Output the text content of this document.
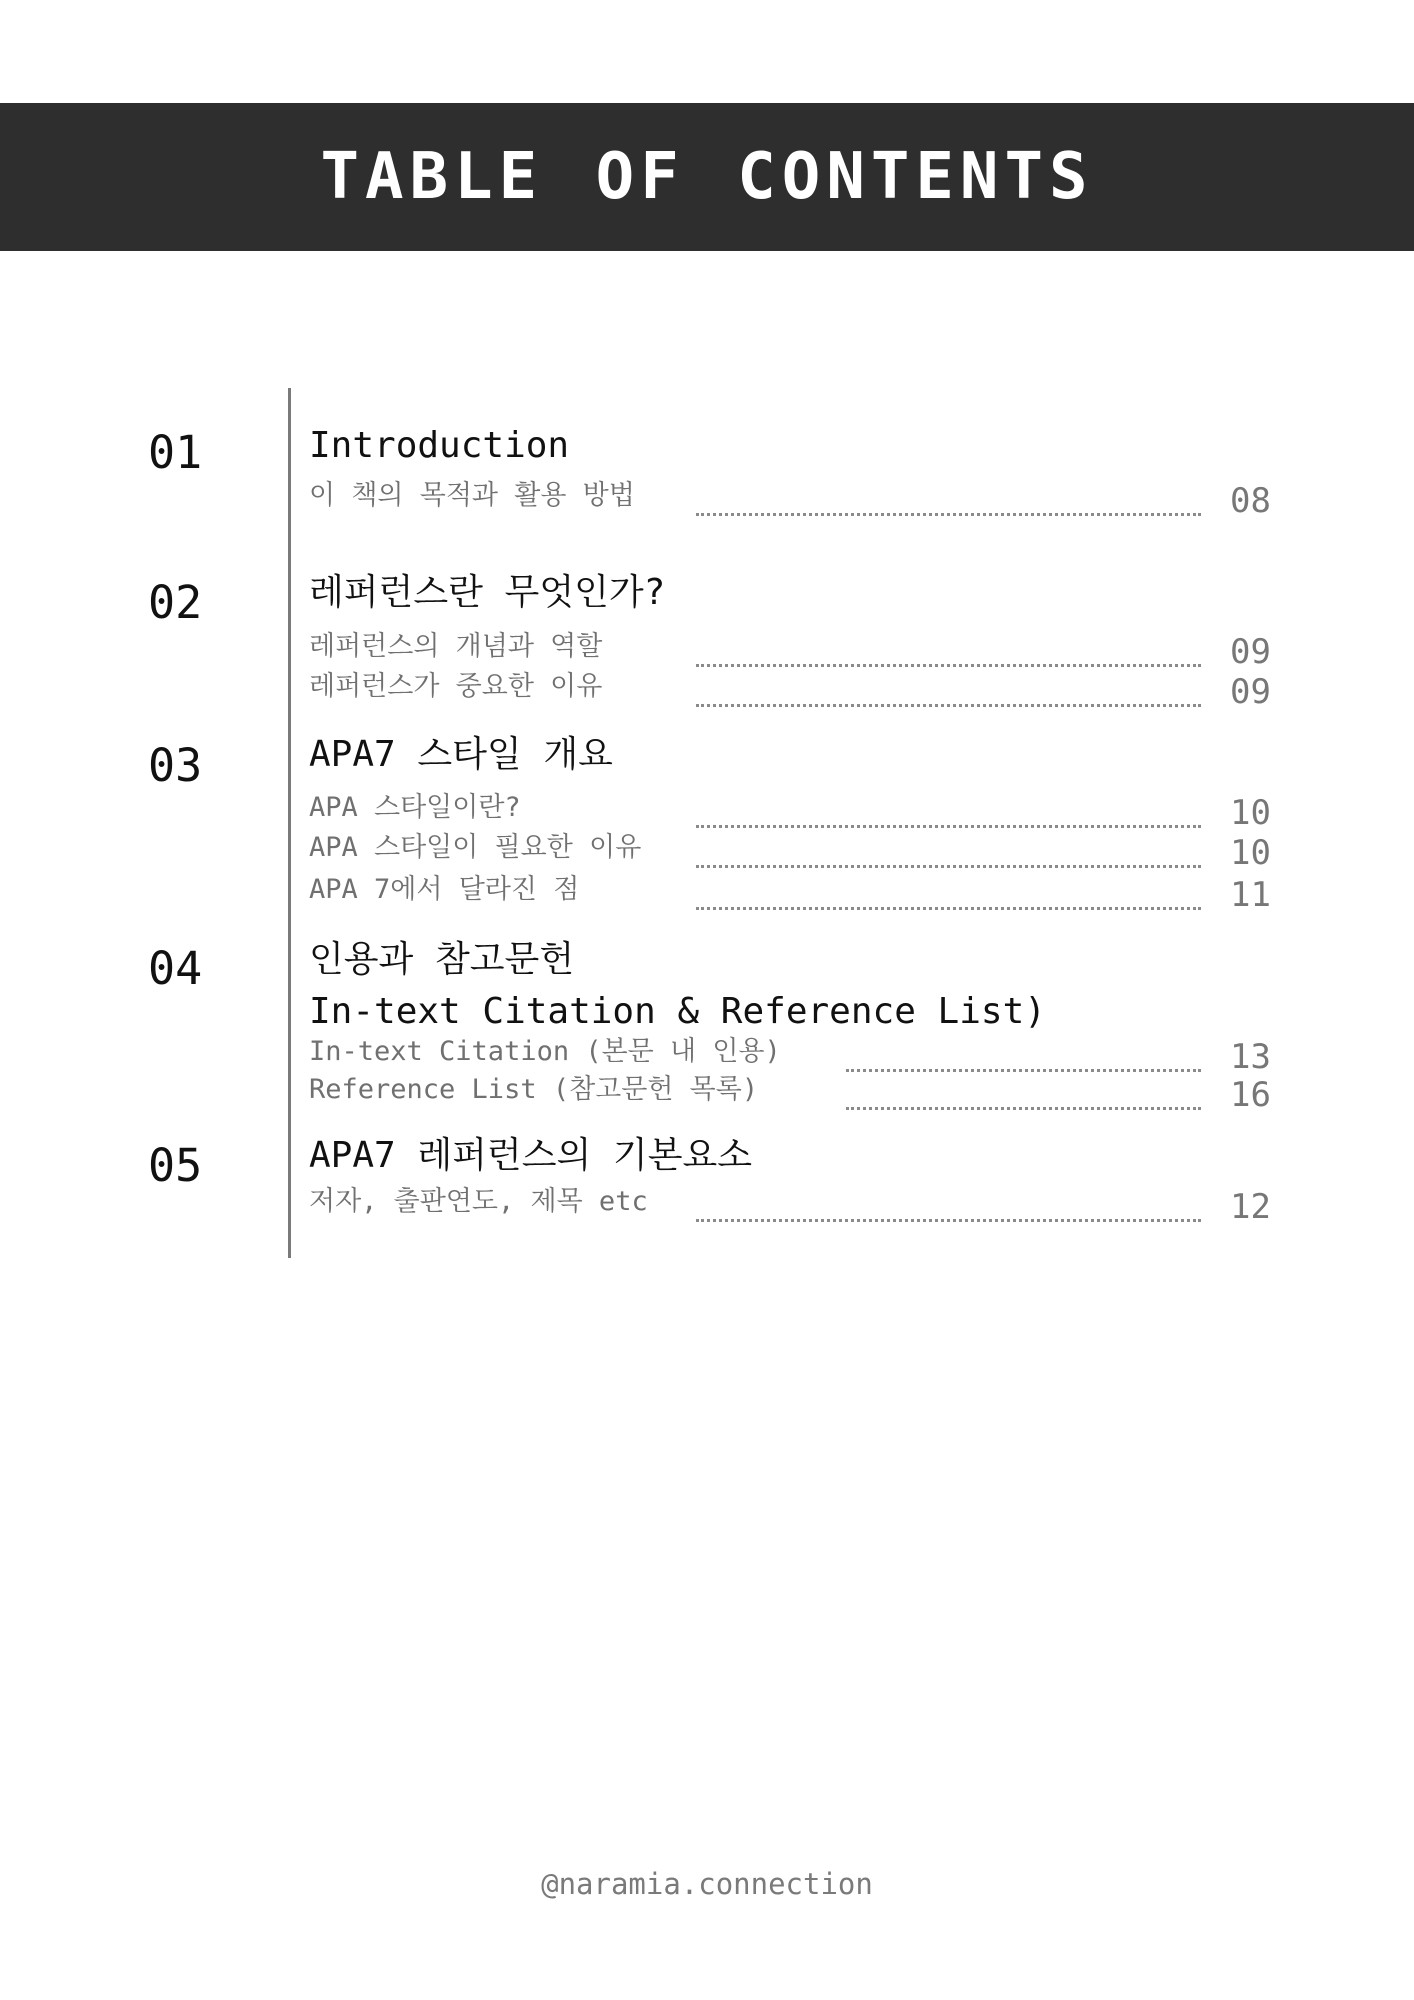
TABLE OF CONTENTS
01	Introduction
이 책의 목적과 활용 방법	08
02	레퍼런스란 무엇인가?
레퍼런스의 개념과 역할	09
레퍼런스가 중요한 이유	09
03	APA7 스타일 개요
APA 스타일이란?	10
APA 스타일이 필요한 이유	10
APA 7에서 달라진 점	11
04	인용과 참고문헌
In-text Citation & Reference List)
In-text Citation (본문 내 인용)	13
Reference List (참고문헌 목록)	16
05	APA7 레퍼런스의 기본요소
저자, 출판연도, 제목 etc	12
@naramia.connection
